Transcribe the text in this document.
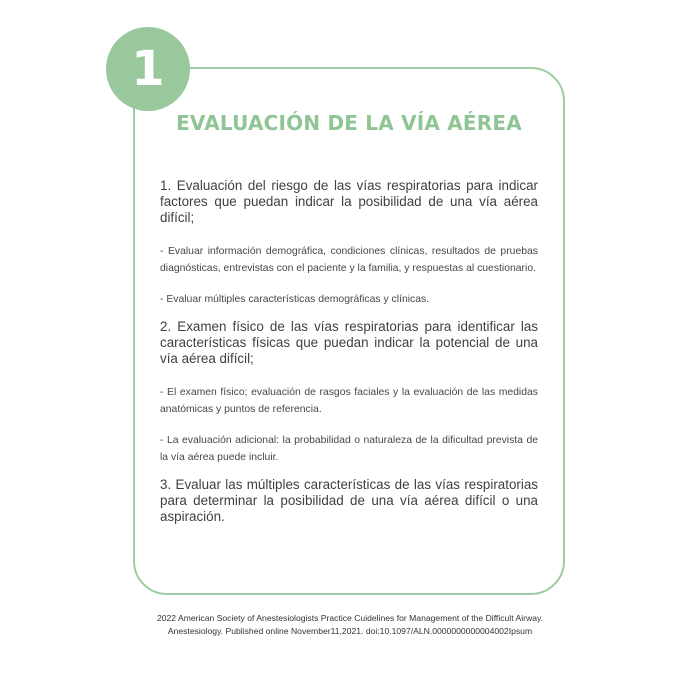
1
EVALUACIÓN DE LA VÍA AÉREA

1. Evaluación del riesgo de las vías respiratorias para indicar factores que puedan indicar la posibilidad de una vía aérea difícil;

- Evaluar información demográfica, condiciones clínicas, resultados de pruebas diagnósticas, entrevistas con el paciente y la familia, y respuestas al cuestionario.

- Evaluar múltiples características demográficas y clínicas.

2. Examen físico de las vías respiratorias para identificar las características físicas que puedan indicar la potencial de una vía aérea difícil;

- El examen físico; evaluación de rasgos faciales y la evaluación de las medidas anatómicas y puntos de referencia.

- La evaluación adicional: la probabilidad o naturaleza de la dificultad prevista de la vía aérea puede incluir.

3. Evaluar las múltiples características de las vías respiratorias para determinar la posibilidad de una vía aérea difícil o una aspiración.

2022 American Society of Anestesiologists Practice Cuidelines for Management of the Difficult Airway.
Anestesiology. Published online November11,2021. doi:10.1097/ALN.0000000000004002Ipsum
